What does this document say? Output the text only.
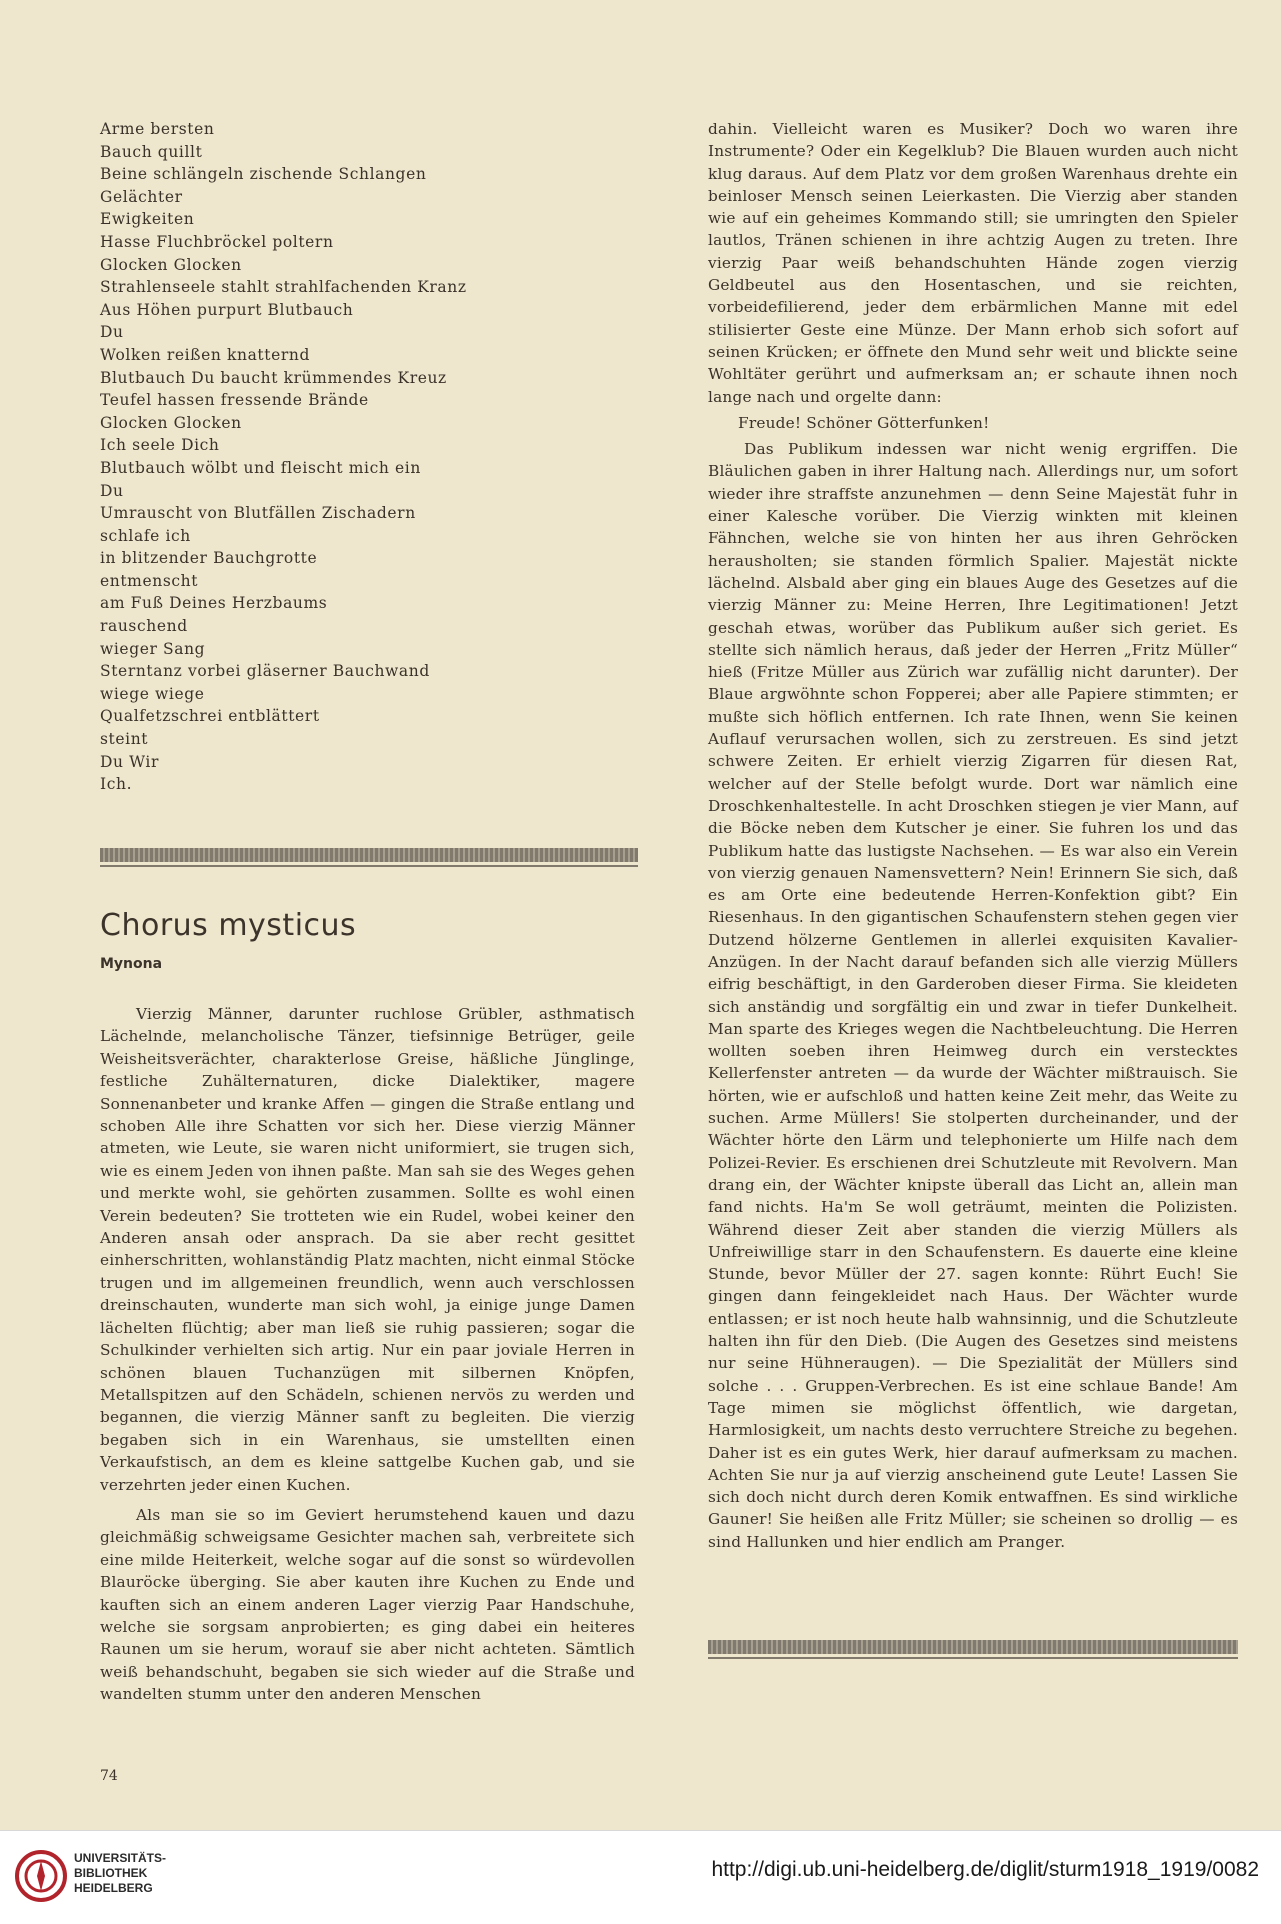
Arme bersten
Bauch quillt
Beine schlängeln zischende Schlangen
Gelächter
Ewigkeiten
Hasse Fluchbröckel poltern
Glocken Glocken
Strahlenseele stahlt strahlfachenden Kranz
Aus Höhen purpurt Blutbauch
Du
Wolken reißen knatternd
Blutbauch Du baucht krümmendes Kreuz
Teufel hassen fressende Brände
Glocken Glocken
Ich seele Dich
Blutbauch wölbt und fleischt mich ein
Du
Umrauscht von Blutfällen Zischadern
schlafe ich
in blitzender Bauchgrotte
entmenscht
am Fuß Deines Herzbaums
rauschend
wieger Sang
Sterntanz vorbei gläserner Bauchwand
wiege wiege
Qualfetzschrei entblättert
steint
Du Wir
Ich.
Chorus mysticus
Mynona

Vierzig Männer, darunter ruchlose Grübler, asthmatisch Lächelnde, melancholische Tänzer, tiefsinnige Betrüger, geile Weisheitsverächter, charakterlose Greise, häßliche Jünglinge, festliche Zuhälternaturen, dicke Dialektiker, magere Sonnenanbeter und kranke Affen — gingen die Straße entlang und schoben Alle ihre Schatten vor sich her. Diese vierzig Männer atmeten, wie Leute, sie waren nicht uniformiert, sie trugen sich, wie es einem Jeden von ihnen paßte. Man sah sie des Weges gehen und merkte wohl, sie gehörten zusammen. Sollte es wohl einen Verein bedeuten? Sie trotteten wie ein Rudel, wobei keiner den Anderen ansah oder ansprach. Da sie aber recht gesittet einherschritten, wohlanständig Platz machten, nicht einmal Stöcke trugen und im allgemeinen freundlich, wenn auch verschlossen dreinschauten, wunderte man sich wohl, ja einige junge Damen lächelten flüchtig; aber man ließ sie ruhig passieren; sogar die Schulkinder verhielten sich artig. Nur ein paar joviale Herren in schönen blauen Tuchanzügen mit silbernen Knöpfen, Metallspitzen auf den Schädeln, schienen nervös zu werden und begannen, die vierzig Männer sanft zu begleiten. Die vierzig begaben sich in ein Warenhaus, sie umstellten einen Verkaufstisch, an dem es kleine sattgelbe Kuchen gab, und sie verzehrten jeder einen Kuchen.

Als man sie so im Geviert herumstehend kauen und dazu gleichmäßig schweigsame Gesichter machen sah, verbreitete sich eine milde Heiterkeit, welche sogar auf die sonst so würdevollen Blauröcke überging. Sie aber kauten ihre Kuchen zu Ende und kauften sich an einem anderen Lager vierzig Paar Handschuhe, welche sie sorgsam anprobierten; es ging dabei ein heiteres Raunen um sie herum, worauf sie aber nicht achteten. Sämtlich weiß behandschuht, begaben sie sich wieder auf die Straße und wandelten stumm unter den anderen Menschen

dahin. Vielleicht waren es Musiker? Doch wo waren ihre Instrumente? Oder ein Kegelklub? Die Blauen wurden auch nicht klug daraus. Auf dem Platz vor dem großen Warenhaus drehte ein beinloser Mensch seinen Leierkasten. Die Vierzig aber standen wie auf ein geheimes Kommando still; sie umringten den Spieler lautlos, Tränen schienen in ihre achtzig Augen zu treten. Ihre vierzig Paar weiß behandschuhten Hände zogen vierzig Geldbeutel aus den Hosentaschen, und sie reichten, vorbeidefilierend, jeder dem erbärmlichen Manne mit edel stilisierter Geste eine Münze. Der Mann erhob sich sofort auf seinen Krücken; er öffnete den Mund sehr weit und blickte seine Wohltäter gerührt und aufmerksam an; er schaute ihnen noch lange nach und orgelte dann:

Freude! Schöner Götterfunken!

Das Publikum indessen war nicht wenig ergriffen. Die Bläulichen gaben in ihrer Haltung nach. Allerdings nur, um sofort wieder ihre straffste anzunehmen — denn Seine Majestät fuhr in einer Kalesche vorüber. Die Vierzig winkten mit kleinen Fähnchen, welche sie von hinten her aus ihren Gehröcken herausholten; sie standen förmlich Spalier. Majestät nickte lächelnd. Alsbald aber ging ein blaues Auge des Gesetzes auf die vierzig Männer zu: Meine Herren, Ihre Legitimationen! Jetzt geschah etwas, worüber das Publikum außer sich geriet. Es stellte sich nämlich heraus, daß jeder der Herren „Fritz Müller“ hieß (Fritze Müller aus Zürich war zufällig nicht darunter). Der Blaue argwöhnte schon Fopperei; aber alle Papiere stimmten; er mußte sich höflich entfernen. Ich rate Ihnen, wenn Sie keinen Auflauf verursachen wollen, sich zu zerstreuen. Es sind jetzt schwere Zeiten. Er erhielt vierzig Zigarren für diesen Rat, welcher auf der Stelle befolgt wurde. Dort war nämlich eine Droschkenhaltestelle. In acht Droschken stiegen je vier Mann, auf die Böcke neben dem Kutscher je einer. Sie fuhren los und das Publikum hatte das lustigste Nachsehen. — Es war also ein Verein von vierzig genauen Namensvettern? Nein! Erinnern Sie sich, daß es am Orte eine bedeutende Herren-Konfektion gibt? Ein Riesenhaus. In den gigantischen Schaufenstern stehen gegen vier Dutzend hölzerne Gentlemen in allerlei exquisiten Kavalier-Anzügen. In der Nacht darauf befanden sich alle vierzig Müllers eifrig beschäftigt, in den Garderoben dieser Firma. Sie kleideten sich anständig und sorgfältig ein und zwar in tiefer Dunkelheit. Man sparte des Krieges wegen die Nachtbeleuchtung. Die Herren wollten soeben ihren Heimweg durch ein verstecktes Kellerfenster antreten — da wurde der Wächter mißtrauisch. Sie hörten, wie er aufschloß und hatten keine Zeit mehr, das Weite zu suchen. Arme Müllers! Sie stolperten durcheinander, und der Wächter hörte den Lärm und telephonierte um Hilfe nach dem Polizei-Revier. Es erschienen drei Schutzleute mit Revolvern. Man drang ein, der Wächter knipste überall das Licht an, allein man fand nichts. Ha'm Se woll geträumt, meinten die Polizisten. Während dieser Zeit aber standen die vierzig Müllers als Unfreiwillige starr in den Schaufenstern. Es dauerte eine kleine Stunde, bevor Müller der 27. sagen konnte: Rührt Euch! Sie gingen dann feingekleidet nach Haus. Der Wächter wurde entlassen; er ist noch heute halb wahnsinnig, und die Schutzleute halten ihn für den Dieb. (Die Augen des Gesetzes sind meistens nur seine Hühneraugen). — Die Spezialität der Müllers sind solche . . . Gruppen-Verbrechen. Es ist eine schlaue Bande! Am Tage mimen sie möglichst öffentlich, wie dargetan, Harmlosigkeit, um nachts desto verruchtere Streiche zu begehen. Daher ist es ein gutes Werk, hier darauf aufmerksam zu machen. Achten Sie nur ja auf vierzig anscheinend gute Leute! Lassen Sie sich doch nicht durch deren Komik entwaffnen. Es sind wirkliche Gauner! Sie heißen alle Fritz Müller; sie scheinen so drollig — es sind Hallunken und hier endlich am Pranger.

74
UNIVERSITÄTS-
BIBLIOTHEK
HEIDELBERG
http://digi.ub.uni-heidelberg.de/diglit/sturm1918_1919/0082
